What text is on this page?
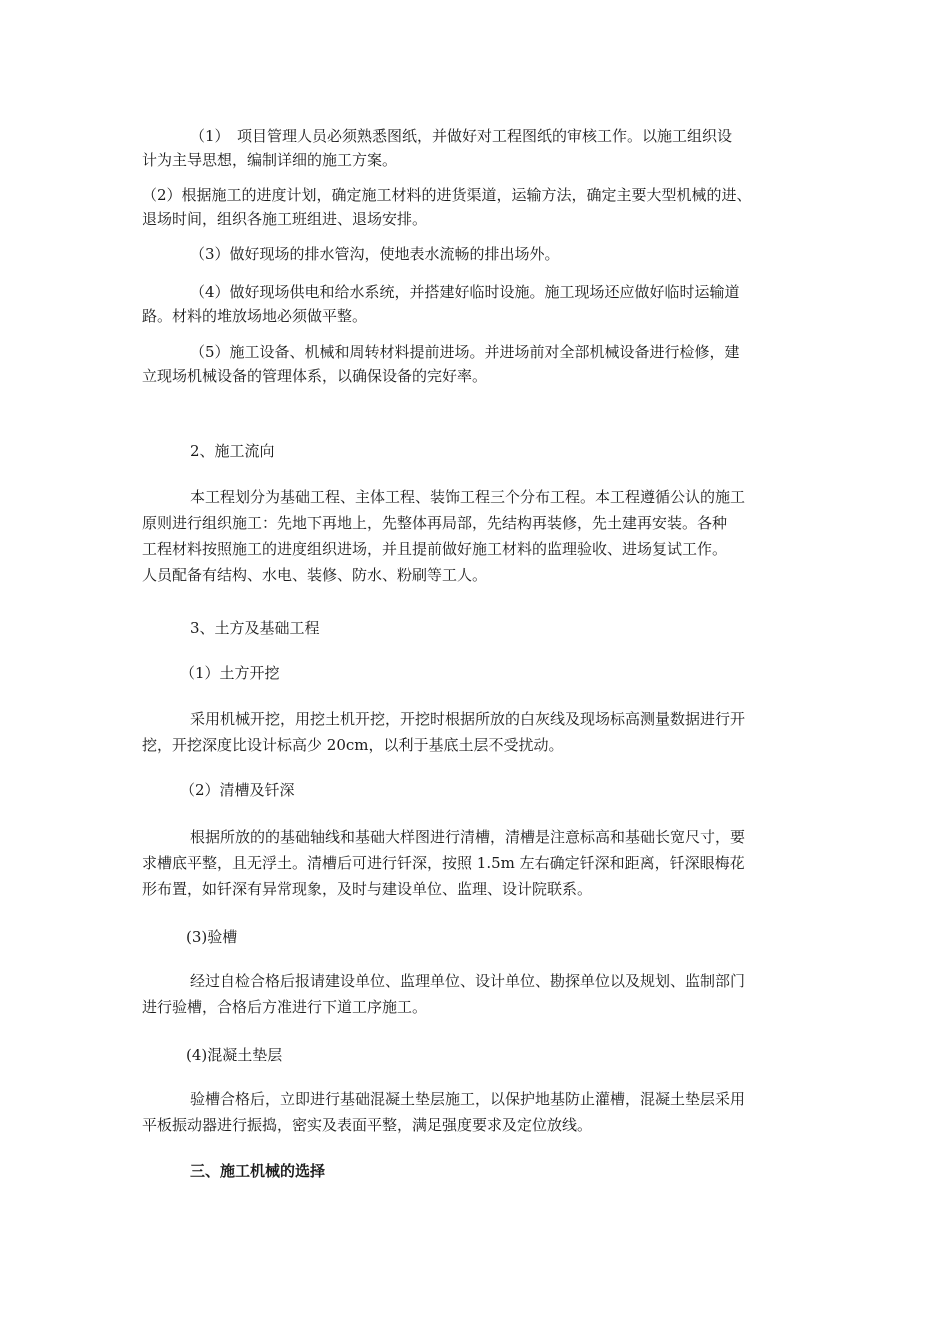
（1）　项目管理人员必须熟悉图纸，并做好对工程图纸的审核工作。以施工组织设
计为主导思想，编制详细的施工方案。
（2）根据施工的进度计划，确定施工材料的进货渠道，运输方法，确定主要大型机械的进、
退场时间，组织各施工班组进、退场安排。
（3）做好现场的排水管沟，使地表水流畅的排出场外。
（4）做好现场供电和给水系统，并搭建好临时设施。施工现场还应做好临时运输道
路。材料的堆放场地必须做平整。
（5）施工设备、机械和周转材料提前进场。并进场前对全部机械设备进行检修，建
立现场机械设备的管理体系，以确保设备的完好率。
2、施工流向
本工程划分为基础工程、主体工程、装饰工程三个分布工程。本工程遵循公认的施工
原则进行组织施工：先地下再地上，先整体再局部，先结构再装修，先土建再安装。各种
工程材料按照施工的进度组织进场，并且提前做好施工材料的监理验收、进场复试工作。
人员配备有结构、水电、装修、防水、粉刷等工人。
3、土方及基础工程
（1）土方开挖
采用机械开挖，用挖土机开挖，开挖时根据所放的白灰线及现场标高测量数据进行开
挖，开挖深度比设计标高少 20cm，以利于基底土层不受扰动。
（2）清槽及钎深
根据所放的的基础轴线和基础大样图进行清槽，清槽是注意标高和基础长宽尺寸，要
求槽底平整，且无浮土。清槽后可进行钎深，按照 1.5m 左右确定钎深和距离，钎深眼梅花
形布置，如钎深有异常现象，及时与建设单位、监理、设计院联系。
(3)验槽
经过自检合格后报请建设单位、监理单位、设计单位、勘探单位以及规划、监制部门
进行验槽，合格后方准进行下道工序施工。
(4)混凝土垫层
验槽合格后，立即进行基础混凝土垫层施工，以保护地基防止灌槽，混凝土垫层采用
平板振动器进行振捣，密实及表面平整，满足强度要求及定位放线。
三、施工机械的选择
